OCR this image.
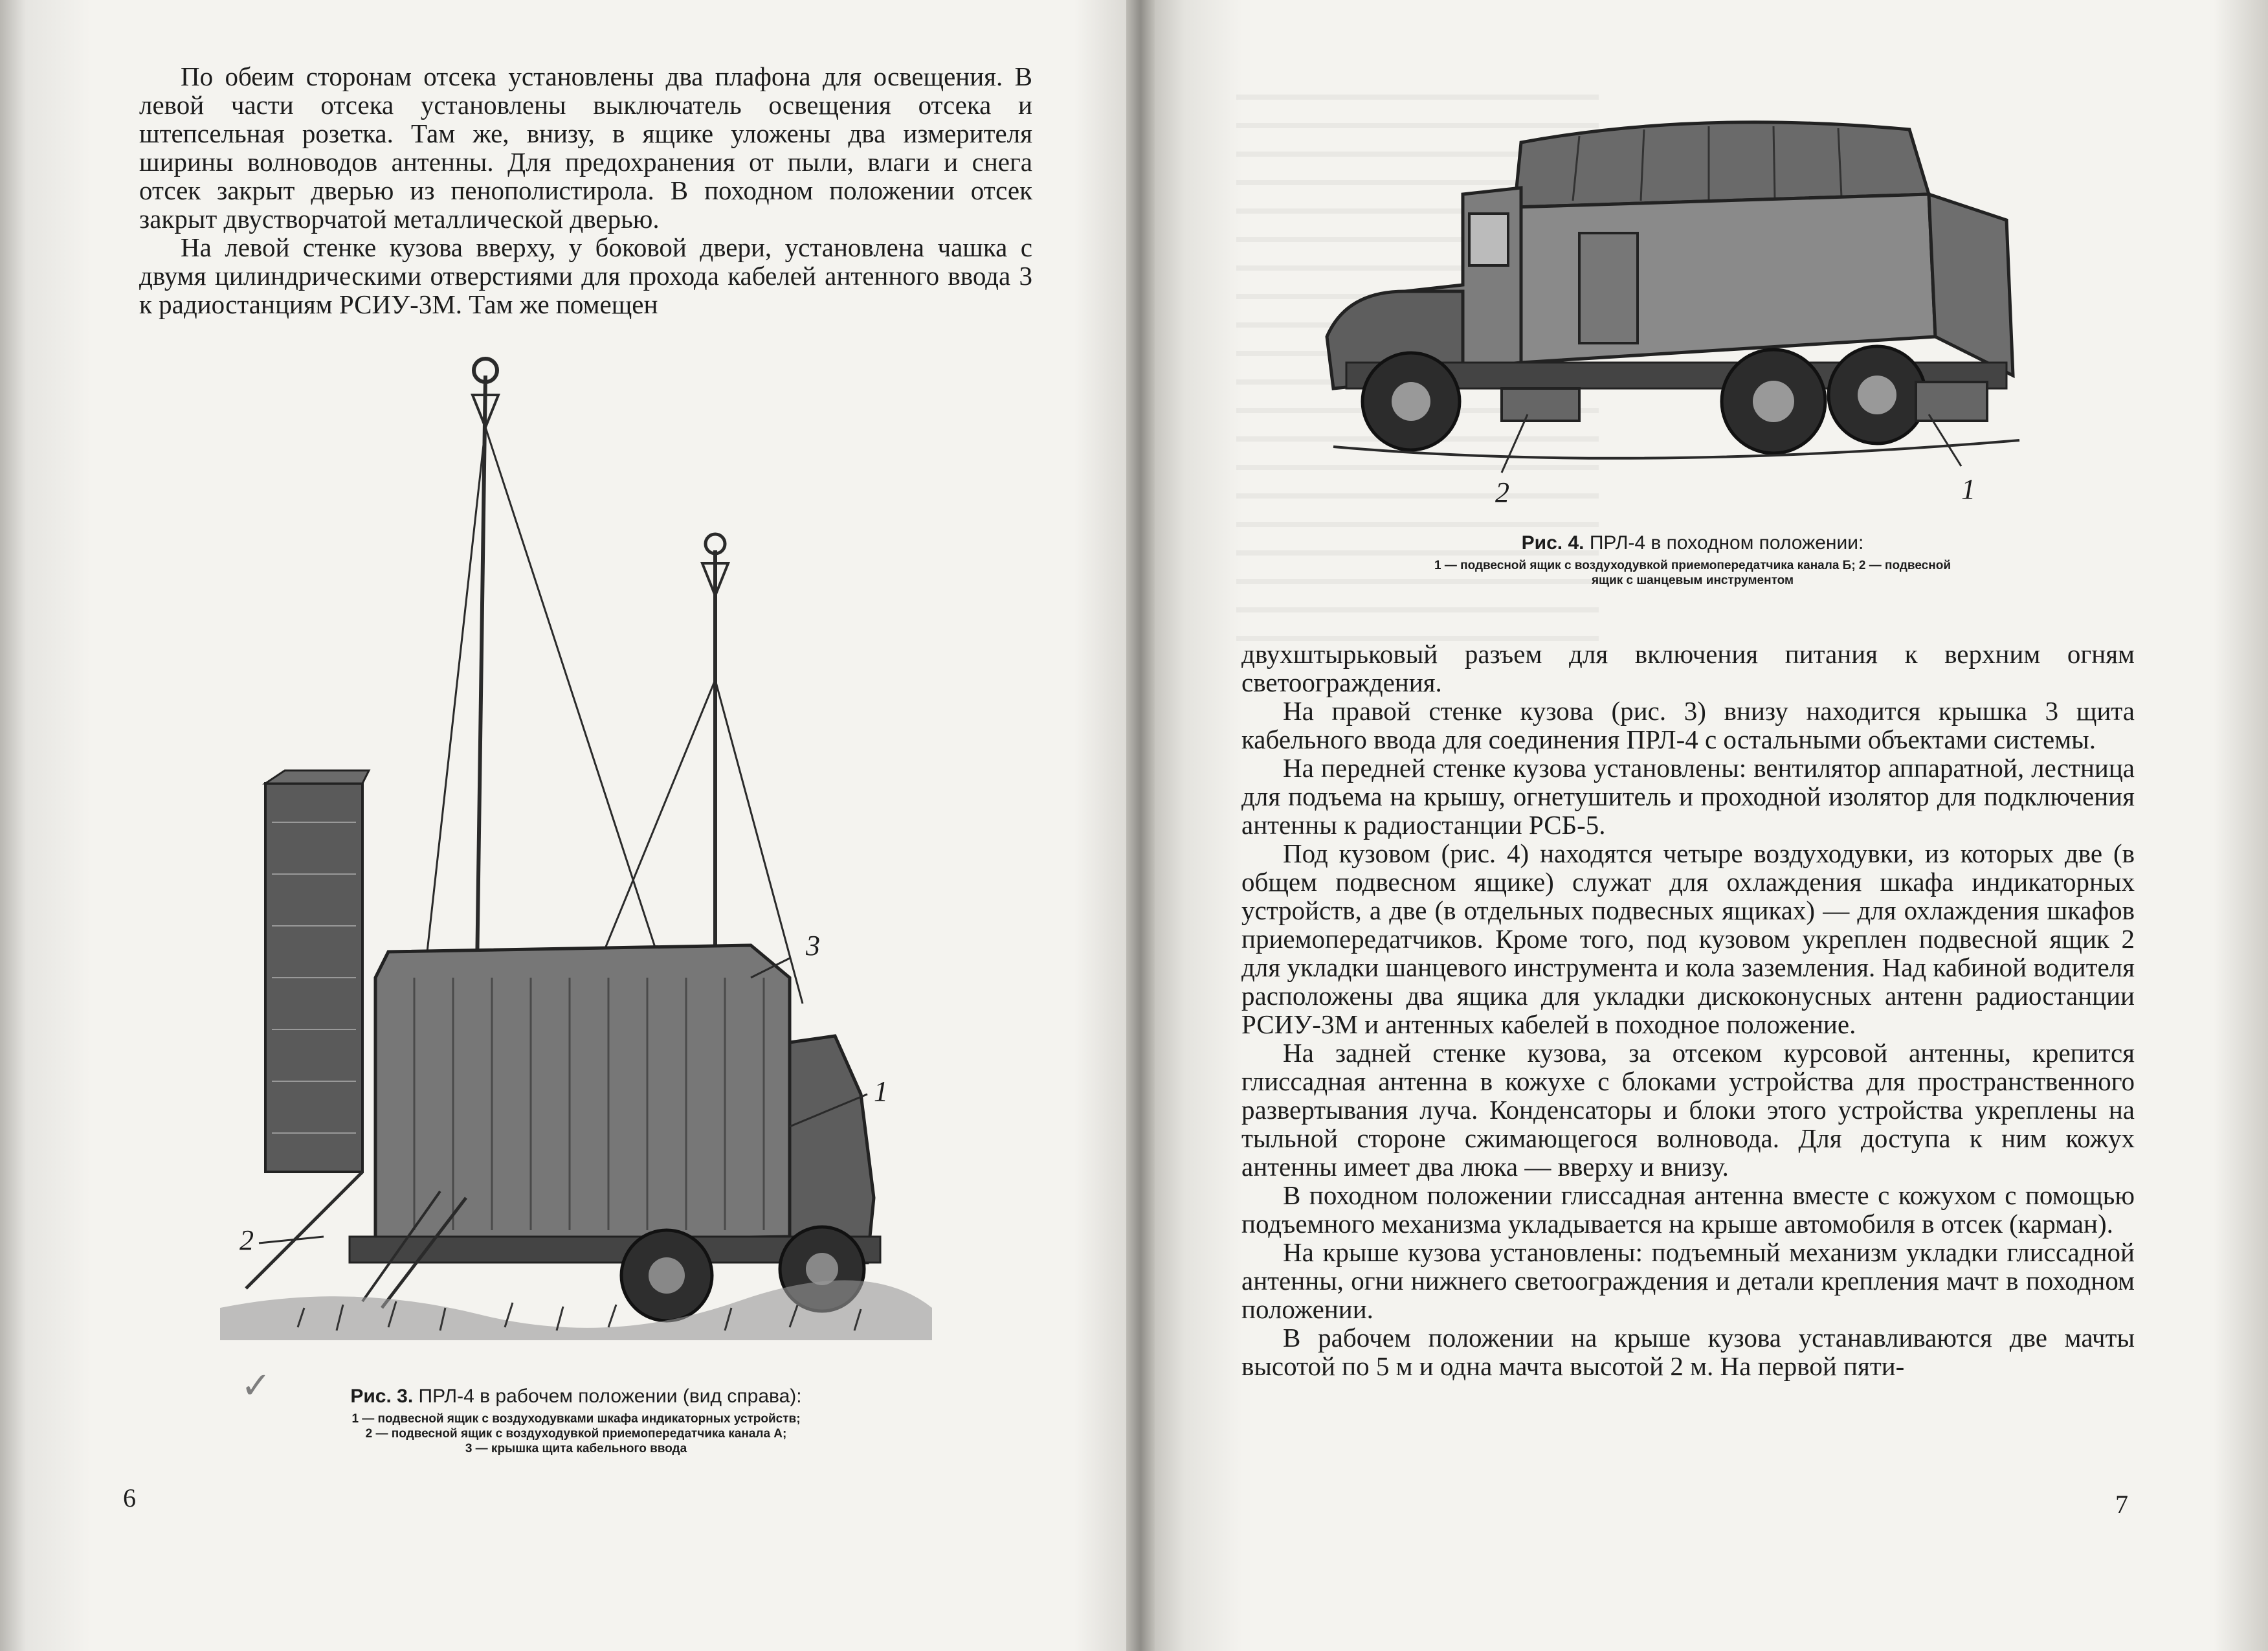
По обеим сторонам отсека установлены два плафона для освещения. В левой части отсека установлены выключатель освещения отсека и штепсельная розетка. Там же, внизу, в ящике уложены два измерителя ширины волноводов антенны. Для предохранения от пыли, влаги и снега отсек закрыт дверью из пенополистирола. В походном положении отсек закрыт двустворчатой металлической дверью.

На левой стенке кузова вверху, у боковой двери, установлена чашка с двумя цилиндрическими отверстиями для прохода кабелей антенного ввода 3 к радиостанциям РСИУ-3М. Там же помещен

3
1
2
✓	Рис. 3. ПРЛ-4 в рабочем положении (вид справа):
1 — подвесной ящик с воздуходувками шкафа индикаторных устройств;
2 — подвесной ящик с воздуходувкой приемопередатчика канала А;
3 — крышка щита кабельного ввода
6
2	1
Рис. 4. ПРЛ-4 в походном положении:
1 — подвесной ящик с воздуходувкой приемопередатчика канала Б; 2 — подвесной
ящик с шанцевым инструментом

двухштырьковый разъем для включения питания к верхним огням светоограждения.

На правой стенке кузова (рис. 3) внизу находится крышка 3 щита кабельного ввода для соединения ПРЛ-4 с остальными объектами системы.

На передней стенке кузова установлены: вентилятор аппаратной, лестница для подъема на крышу, огнетушитель и проходной изолятор для подключения антенны к радиостанции РСБ-5.

Под кузовом (рис. 4) находятся четыре воздуходувки, из которых две (в общем подвесном ящике) служат для охлаждения шкафа индикаторных устройств, а две (в отдельных подвесных ящиках) — для охлаждения шкафов приемопередатчиков. Кроме того, под кузовом укреплен подвесной ящик 2 для укладки шанцевого инструмента и кола заземления. Над кабиной водителя расположены два ящика для укладки дискоконусных антенн радиостанции РСИУ-3М и антенных кабелей в походное положение.

На задней стенке кузова, за отсеком курсовой антенны, крепится глиссадная антенна в кожухе с блоками устройства для пространственного развертывания луча. Конденсаторы и блоки этого устройства укреплены на тыльной стороне сжимающегося волновода. Для доступа к ним кожух антенны имеет два люка — вверху и внизу.

В походном положении глиссадная антенна вместе с кожухом с помощью подъемного механизма укладывается на крыше автомобиля в отсек (карман).

На крыше кузова установлены: подъемный механизм укладки глиссадной антенны, огни нижнего светоограждения и детали крепления мачт в походном положении.

В рабочем положении на крыше кузова устанавливаются две мачты высотой по 5 м и одна мачта высотой 2 м. На первой пяти-

7
